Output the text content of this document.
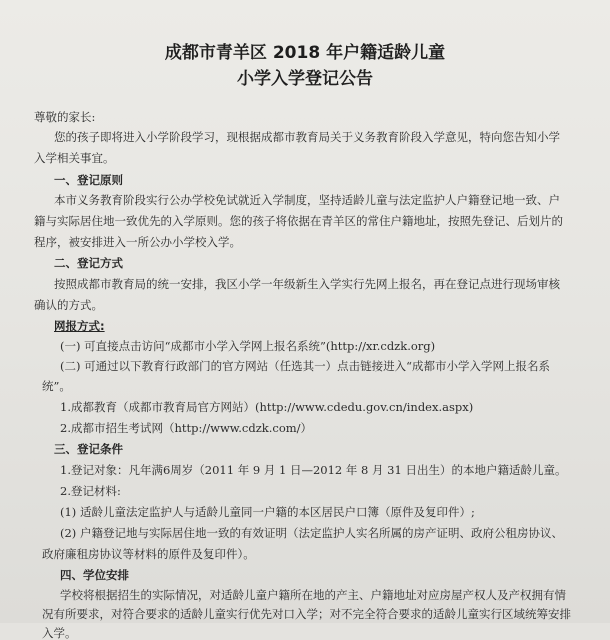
成都市青羊区 2018 年户籍适龄儿童
小学入学登记公告
尊敬的家长:
您的孩子即将进入小学阶段学习，现根据成都市教育局关于义务教育阶段入学意见，特向您告知小学
入学相关事宜。
一、登记原则
本市义务教育阶段实行公办学校免试就近入学制度，坚持适龄儿童与法定监护人户籍登记地一致、户
籍与实际居住地一致优先的入学原则。您的孩子将依据在青羊区的常住户籍地址，按照先登记、后划片的
程序，被安排进入一所公办小学校入学。
二、登记方式
按照成都市教育局的统一安排，我区小学一年级新生入学实行先网上报名，再在登记点进行现场审核
确认的方式。
网报方式:
(一) 可直接点击访问“成都市小学入学网上报名系统”(http://xr.cdzk.org)
(二) 可通过以下教育行政部门的官方网站（任选其一）点击链接进入“成都市小学入学网上报名系
统”。
1.成都教育（成都市教育局官方网站）(http://www.cdedu.gov.cn/index.aspx)
2.成都市招生考试网（http://www.cdzk.com/）
三、登记条件
1.登记对象：凡年满6周岁（2011 年 9 月 1 日—2012 年 8 月 31 日出生）的本地户籍适龄儿童。
2.登记材料:
(1) 适龄儿童法定监护人与适龄儿童同一户籍的本区居民户口簿（原件及复印件）;
(2) 户籍登记地与实际居住地一致的有效证明（法定监护人实名所属的房产证明、政府公租房协议、
政府廉租房协议等材料的原件及复印件）。
四、学位安排
学校将根据招生的实际情况，对适龄儿童户籍所在地的产主、户籍地址对应房屋产权人及产权拥有情
况有所要求，对符合要求的适龄儿童实行优先对口入学；对不完全符合要求的适龄儿童实行区域统筹安排
入学。
